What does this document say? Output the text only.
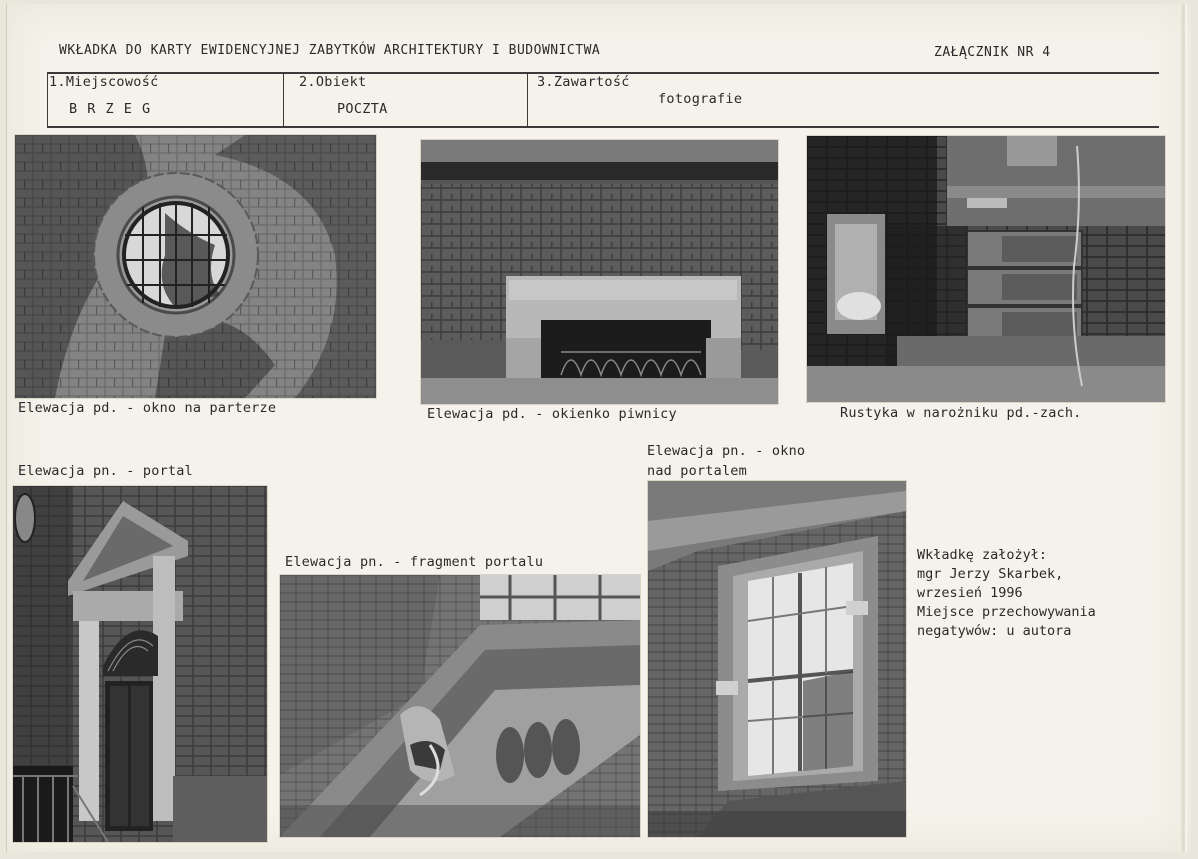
WKŁADKA DO KARTY EWIDENCYJNEJ ZABYTKÓW ARCHITEKTURY I BUDOWNICTWA	ZAŁĄCZNIK NR 4
1.Miejscowość
B R Z E G
2.Obiekt
POCZTA
3.Zawartość
fotografie
Elewacja pd. - okno na parterze	Elewacja pd. - okienko piwnicy	Rustyka w narożniku pd.-zach.
Elewacja pn. - portal
Elewacja pn. - fragment portalu
Elewacja pn. - okno
nad portalem
Wkładkę założył:
mgr Jerzy Skarbek,
wrzesień 1996
Miejsce przechowywania
negatywów: u autora
